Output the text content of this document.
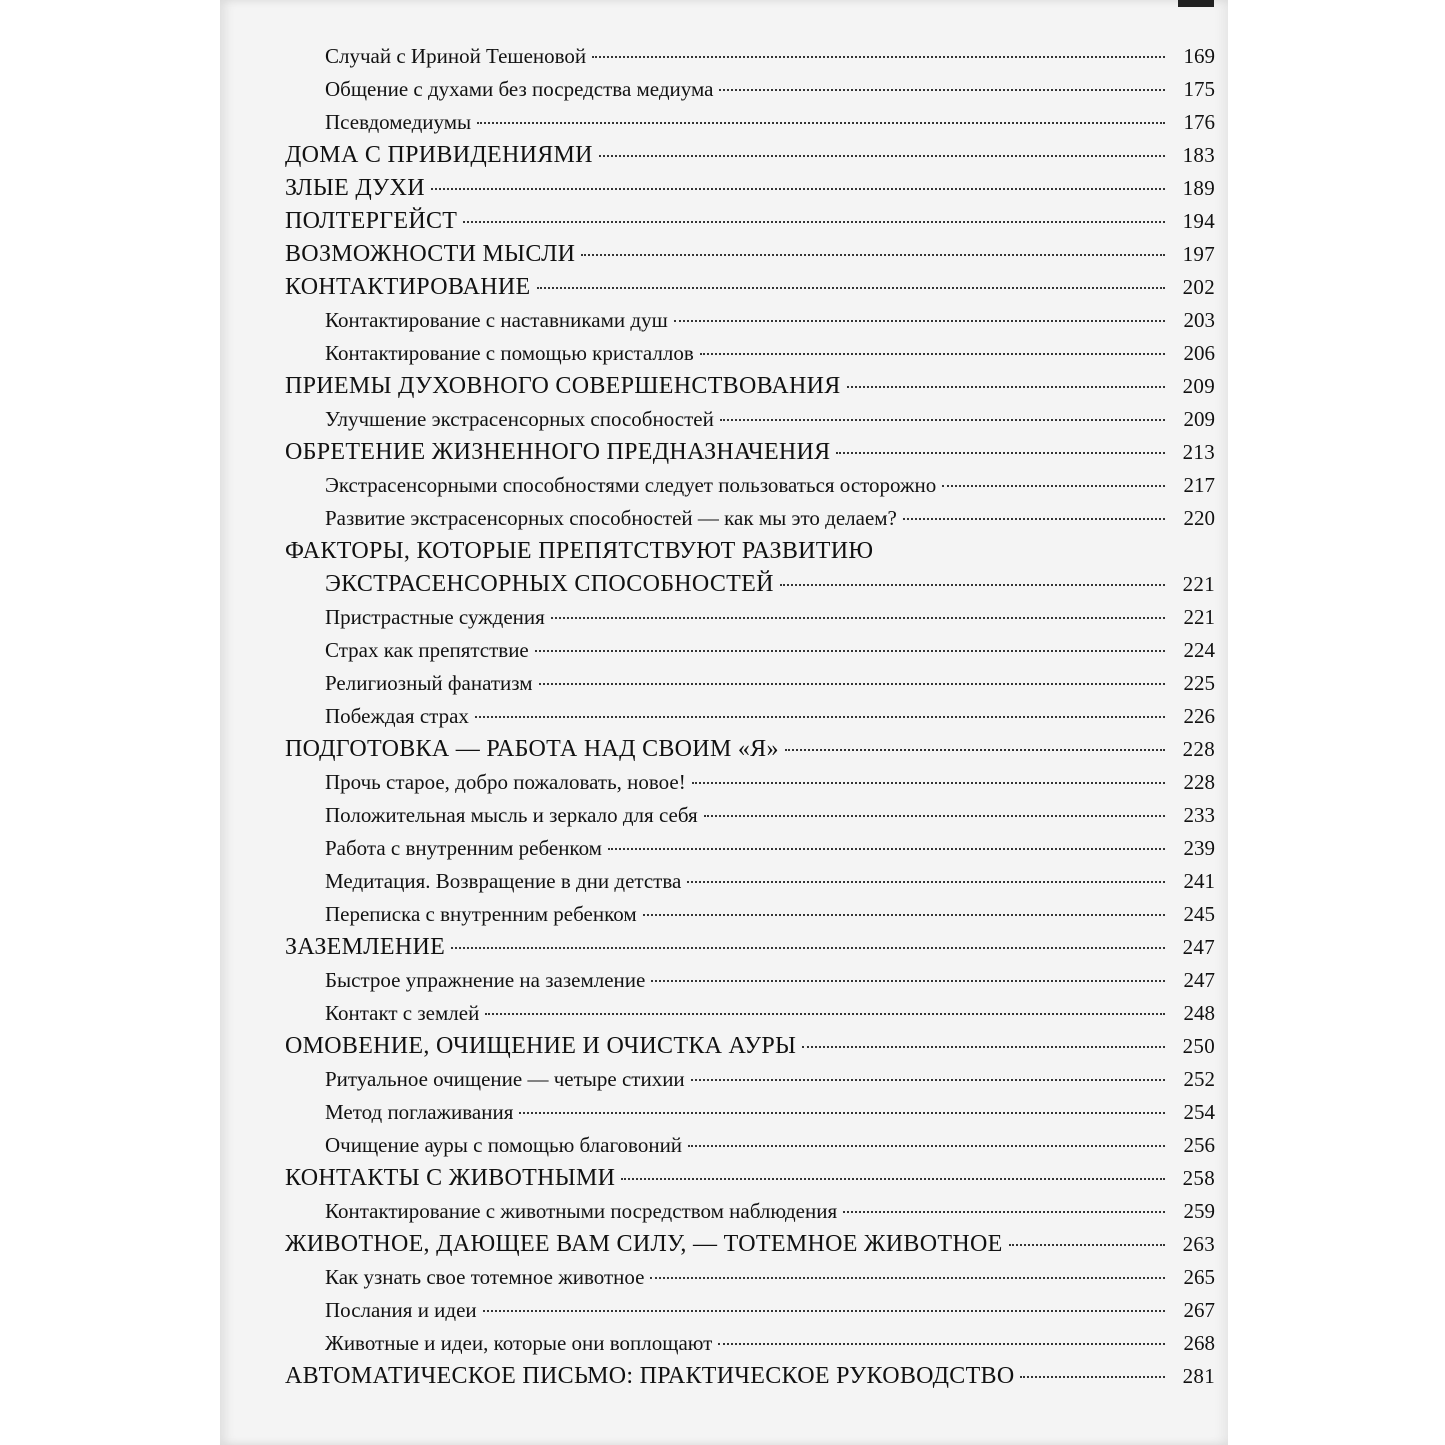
Случай с Ириной Тешеновой	169
Общение с духами без посредства медиума	175
Псевдомедиумы	176
ДОМА С ПРИВИДЕНИЯМИ	183
ЗЛЫЕ ДУХИ	189
ПОЛТЕРГЕЙСТ	194
ВОЗМОЖНОСТИ МЫСЛИ	197
КОНТАКТИРОВАНИЕ	202
Контактирование с наставниками душ	203
Контактирование с помощью кристаллов	206
ПРИЕМЫ ДУХОВНОГО СОВЕРШЕНСТВОВАНИЯ	209
Улучшение экстрасенсорных способностей	209
ОБРЕТЕНИЕ ЖИЗНЕННОГО ПРЕДНАЗНАЧЕНИЯ	213
Экстрасенсорными способностями следует пользоваться осторожно	217
Развитие экстрасенсорных способностей — как мы это делаем?	220
ФАКТОРЫ, КОТОРЫЕ ПРЕПЯТСТВУЮТ РАЗВИТИЮ
ЭКСТРАСЕНСОРНЫХ СПОСОБНОСТЕЙ	221
Пристрастные суждения	221
Страх как препятствие	224
Религиозный фанатизм	225
Побеждая страх	226
ПОДГОТОВКА — РАБОТА НАД СВОИМ «Я»	228
Прочь старое, добро пожаловать, новое!	228
Положительная мысль и зеркало для себя	233
Работа с внутренним ребенком	239
Медитация. Возвращение в дни детства	241
Переписка с внутренним ребенком	245
ЗАЗЕМЛЕНИЕ	247
Быстрое упражнение на заземление	247
Контакт с землей	248
ОМОВЕНИЕ, ОЧИЩЕНИЕ И ОЧИСТКА АУРЫ	250
Ритуальное очищение — четыре стихии	252
Метод поглаживания	254
Очищение ауры с помощью благовоний	256
КОНТАКТЫ С ЖИВОТНЫМИ	258
Контактирование с животными посредством наблюдения	259
ЖИВОТНОЕ, ДАЮЩЕЕ ВАМ СИЛУ, — ТОТЕМНОЕ ЖИВОТНОЕ	263
Как узнать свое тотемное животное	265
Послания и идеи	267
Животные и идеи, которые они воплощают	268
АВТОМАТИЧЕСКОЕ ПИСЬМО: ПРАКТИЧЕСКОЕ РУКОВОДСТВО	281
